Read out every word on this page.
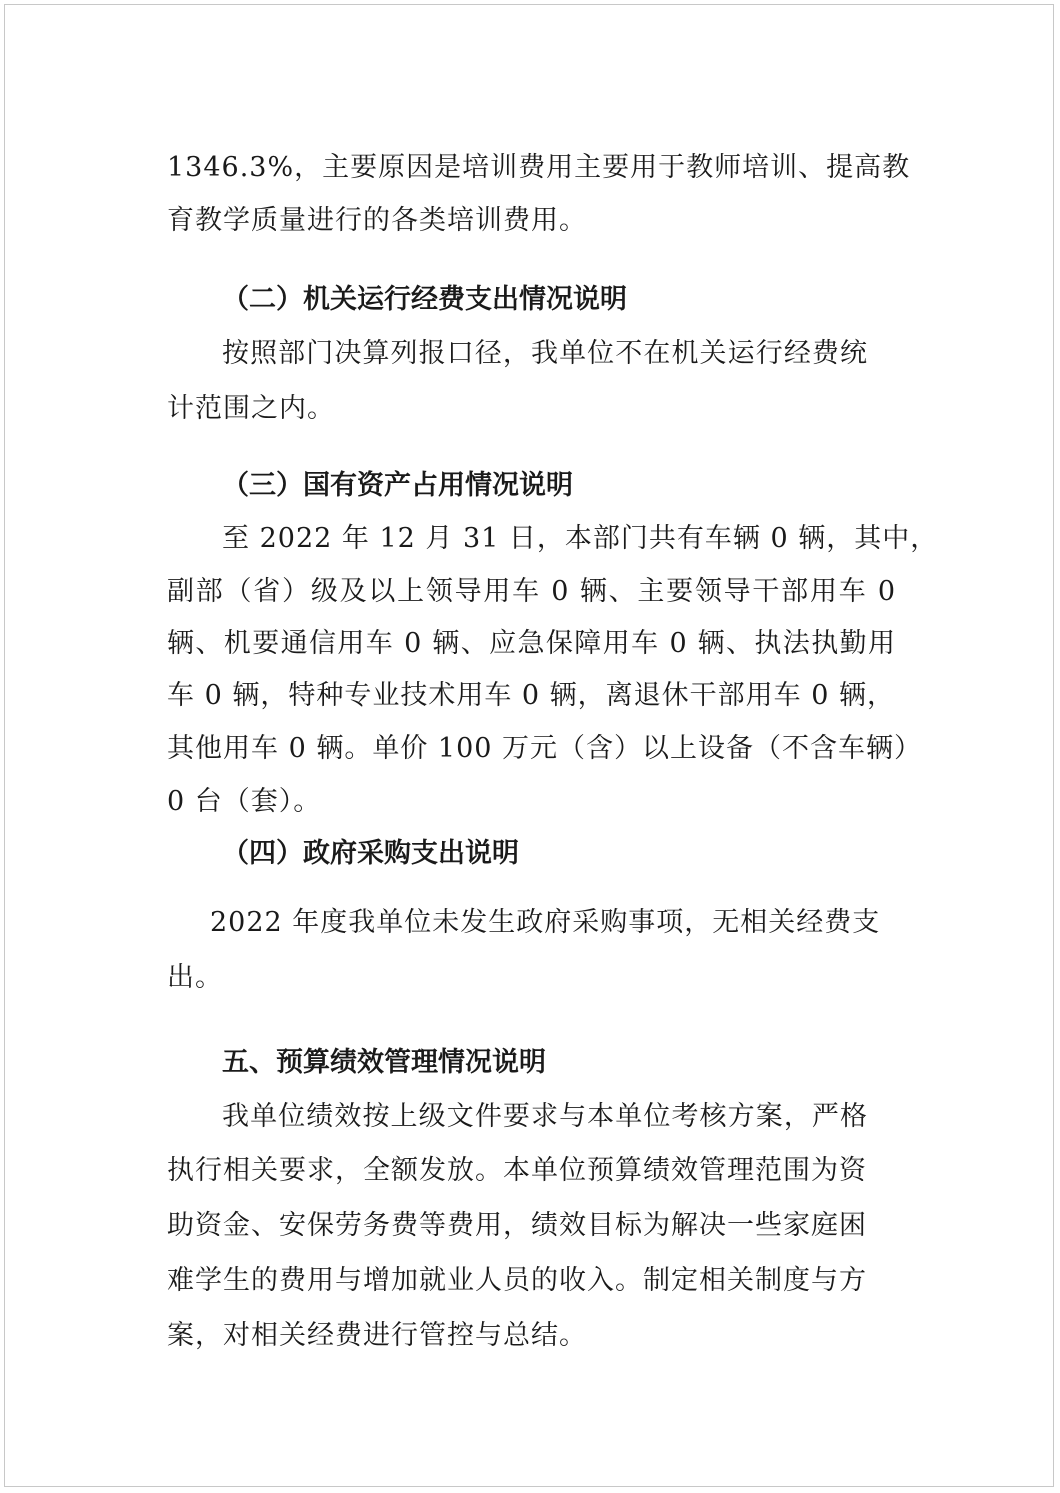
1346.3%，主要原因是培训费用主要用于教师培训、提高教
育教学质量进行的各类培训费用。
（二）机关运行经费支出情况说明
按照部门决算列报口径，我单位不在机关运行经费统
计范围之内。
（三）国有资产占用情况说明
至 2022 年 12 月 31 日，本部门共有车辆 0 辆，其中，
副部（省）级及以上领导用车 0 辆、主要领导干部用车 0
辆、机要通信用车 0 辆、应急保障用车 0 辆、执法执勤用
车 0 辆，特种专业技术用车 0 辆，离退休干部用车 0 辆，
其他用车 0 辆。单价 100 万元（含）以上设备（不含车辆）
0 台（套）。
（四）政府采购支出说明
2022 年度我单位未发生政府采购事项，无相关经费支
出。
五、预算绩效管理情况说明
我单位绩效按上级文件要求与本单位考核方案，严格
执行相关要求，全额发放。本单位预算绩效管理范围为资
助资金、安保劳务费等费用，绩效目标为解决一些家庭困
难学生的费用与增加就业人员的收入。制定相关制度与方
案，对相关经费进行管控与总结。
